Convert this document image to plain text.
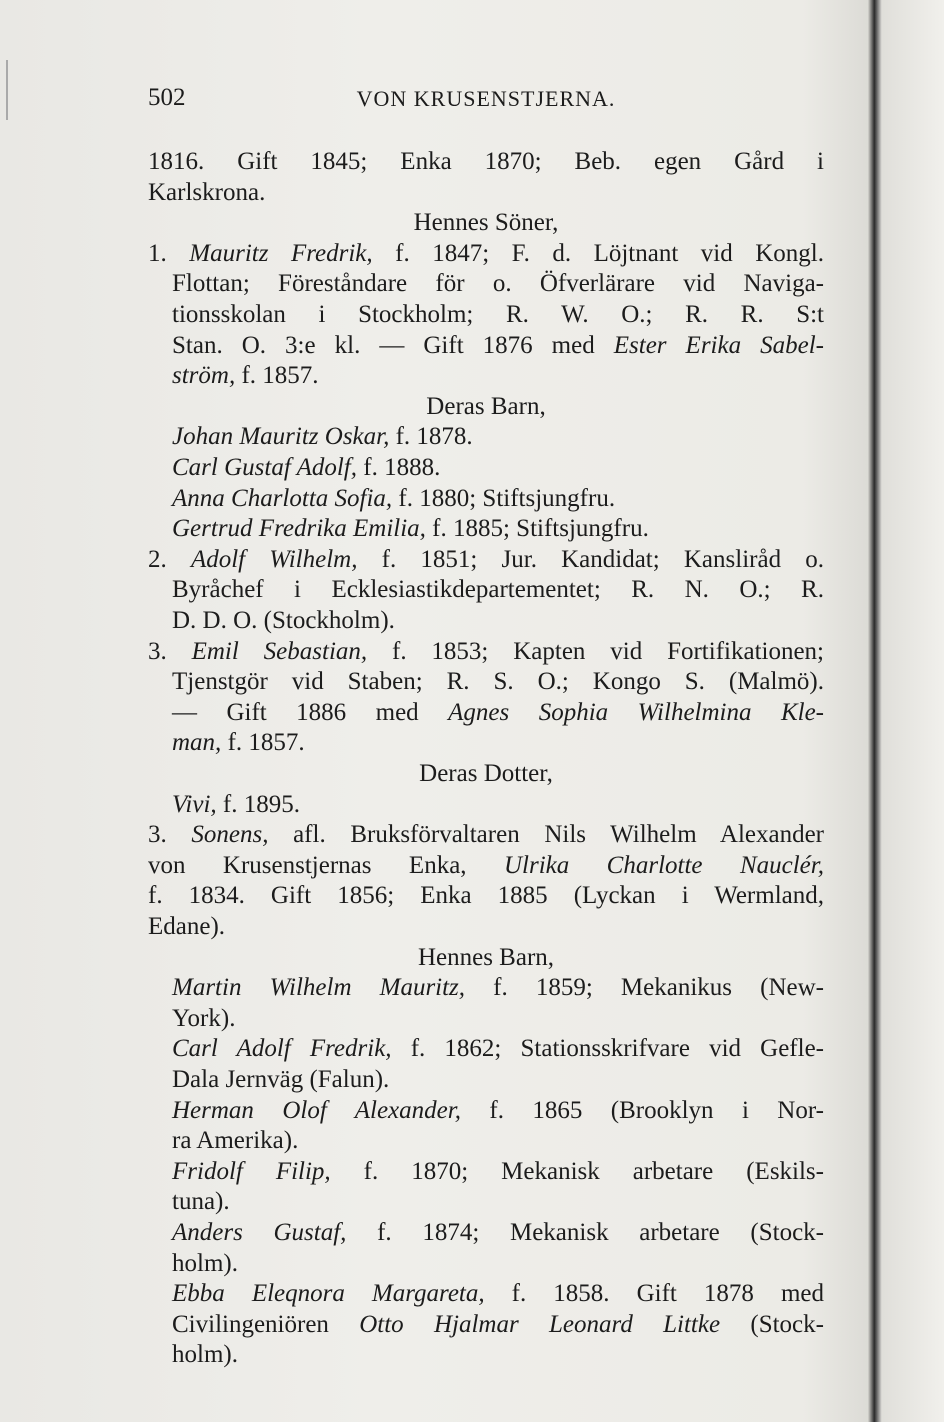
502	VON KRUSENSTJERNA.
1816. Gift 1845; Enka 1870; Beb. egen Gård i
Karlskrona.
Hennes Söner,
1. Mauritz Fredrik, f. 1847; F. d. Löjtnant vid Kongl.
Flottan; Föreståndare för o. Öfverlärare vid Naviga-
tionsskolan i Stockholm; R. W. O.; R. R. S:t
Stan. O. 3:e kl. — Gift 1876 med Ester Erika Sabel-
ström, f. 1857.
Deras Barn,
Johan Mauritz Oskar, f. 1878.
Carl Gustaf Adolf, f. 1888.
Anna Charlotta Sofia, f. 1880; Stiftsjungfru.
Gertrud Fredrika Emilia, f. 1885; Stiftsjungfru.
2. Adolf Wilhelm, f. 1851; Jur. Kandidat; Kansliråd o.
Byråchef i Ecklesiastikdepartementet; R. N. O.; R.
D. D. O. (Stockholm).
3. Emil Sebastian, f. 1853; Kapten vid Fortifikationen;
Tjenstgör vid Staben; R. S. O.; Kongo S. (Malmö).
— Gift 1886 med Agnes Sophia Wilhelmina Kle-
man, f. 1857.
Deras Dotter,
Vivi, f. 1895.
3. Sonens, afl. Bruksförvaltaren Nils Wilhelm Alexander
von Krusenstjernas Enka, Ulrika Charlotte Nauclér,
f. 1834. Gift 1856; Enka 1885 (Lyckan i Wermland,
Edane).
Hennes Barn,
Martin Wilhelm Mauritz, f. 1859; Mekanikus (New-
York).
Carl Adolf Fredrik, f. 1862; Stationsskrifvare vid Gefle-
Dala Jernväg (Falun).
Herman Olof Alexander, f. 1865 (Brooklyn i Nor-
ra Amerika).
Fridolf Filip, f. 1870; Mekanisk arbetare (Eskils-
tuna).
Anders Gustaf, f. 1874; Mekanisk arbetare (Stock-
holm).
Ebba Eleqnora Margareta, f. 1858. Gift 1878 med
Civilingeniören Otto Hjalmar Leonard Littke (Stock-
holm).
